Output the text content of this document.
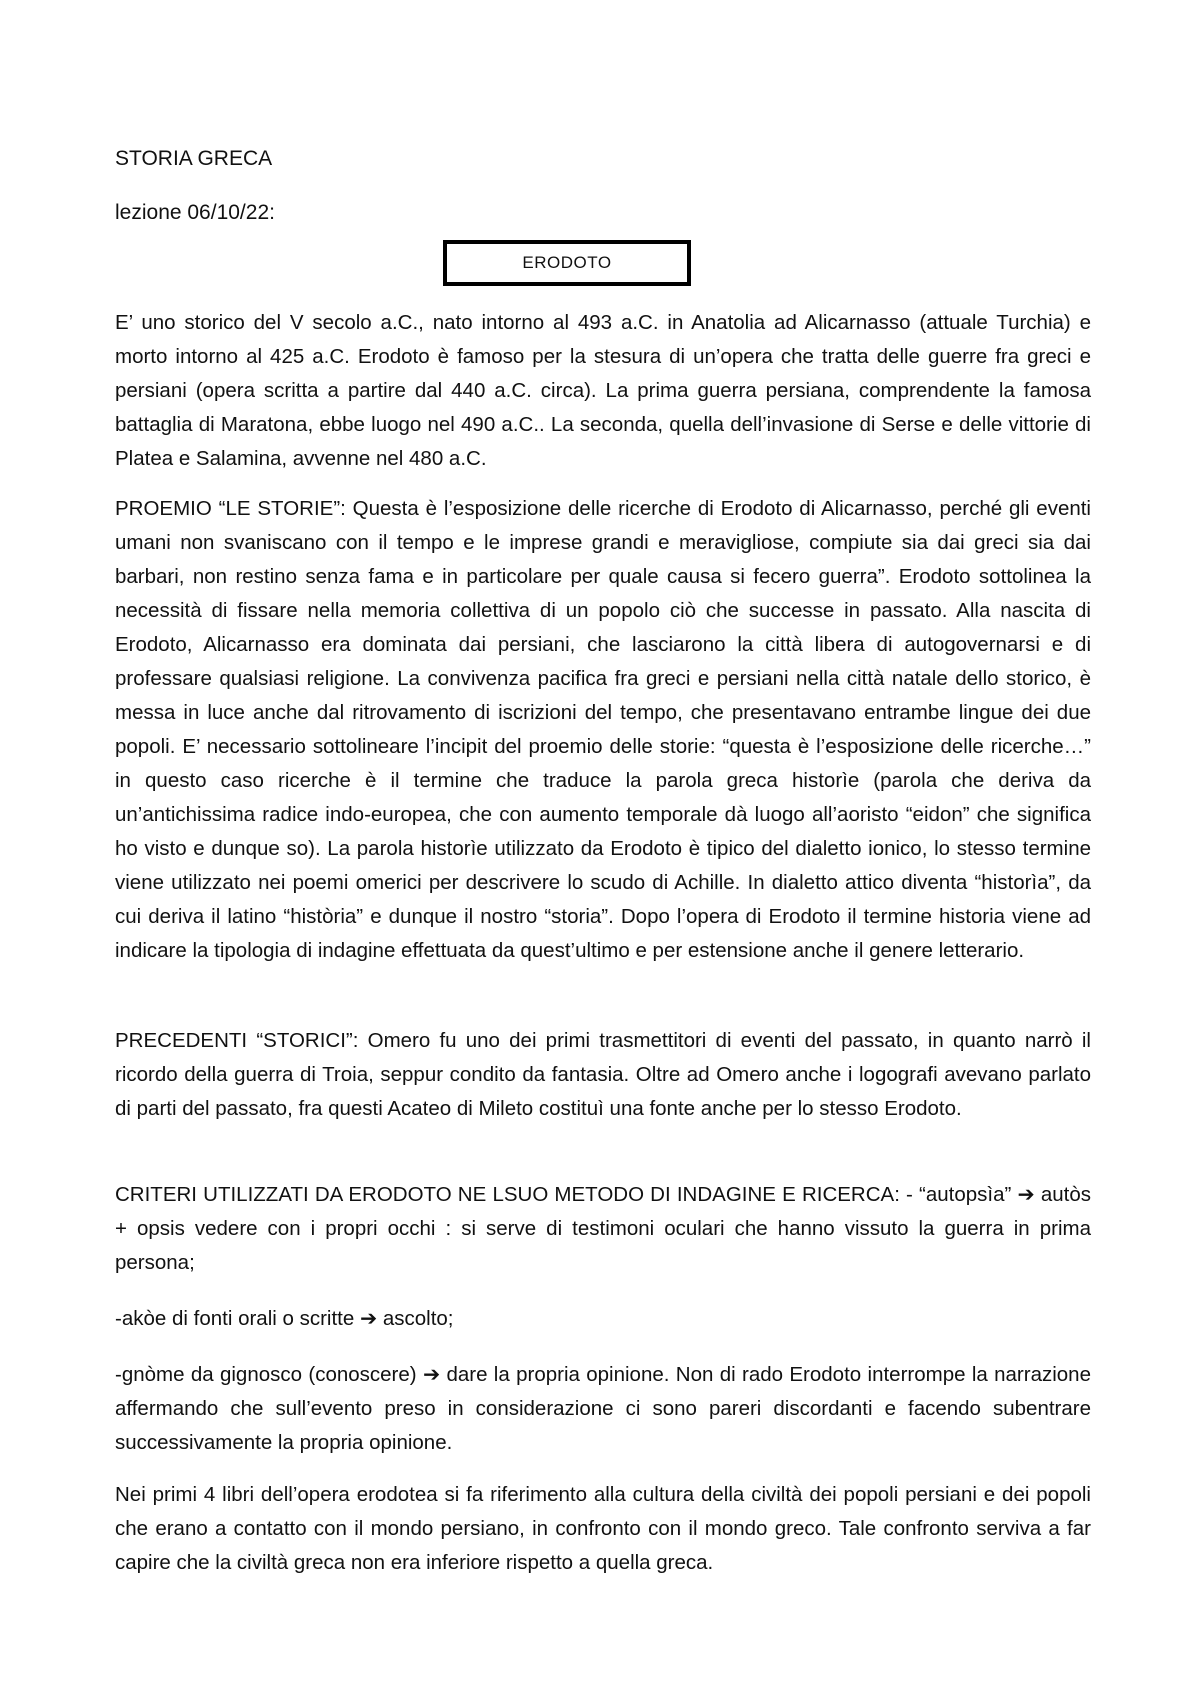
STORIA GRECA
lezione 06/10/22:
ERODOTO

E’ uno storico del V secolo a.C., nato intorno al 493 a.C. in Anatolia ad Alicarnasso (attuale Turchia) e morto intorno al 425 a.C. Erodoto è famoso per la stesura di un’opera che tratta delle guerre fra greci e persiani (opera scritta a partire dal 440 a.C. circa). La prima guerra persiana, comprendente la famosa battaglia di Maratona, ebbe luogo nel 490 a.C.. La seconda, quella dell’invasione di Serse e delle vittorie di Platea e Salamina, avvenne nel 480 a.C.

PROEMIO “LE STORIE”: Questa è l’esposizione delle ricerche di Erodoto di Alicarnasso, perché gli eventi umani non svaniscano con il tempo e le imprese grandi e meravigliose, compiute sia dai greci sia dai barbari, non restino senza fama e in particolare per quale causa si fecero guerra”. Erodoto sottolinea la necessità di fissare nella memoria collettiva di un popolo ciò che successe in passato. Alla nascita di Erodoto, Alicarnasso era dominata dai persiani, che lasciarono la città libera di autogovernarsi e di professare qualsiasi religione. La convivenza pacifica fra greci e persiani nella città natale dello storico, è messa in luce anche dal ritrovamento di iscrizioni del tempo, che presentavano entrambe lingue dei due popoli. E’ necessario sottolineare l’incipit del proemio delle storie: “questa è l’esposizione delle ricerche…” in questo caso ricerche è il termine che traduce la parola greca historìe (parola che deriva da un’antichissima radice indo-europea, che con aumento temporale dà luogo all’aoristo “eidon” che significa ho visto e dunque so). La parola historìe utilizzato da Erodoto è tipico del dialetto ionico, lo stesso termine viene utilizzato nei poemi omerici per descrivere lo scudo di Achille. In dialetto attico diventa “historìa”, da cui deriva il latino “història” e dunque il nostro “storia”. Dopo l’opera di Erodoto il termine historia viene ad indicare la tipologia di indagine effettuata da quest’ultimo e per estensione anche il genere letterario.

PRECEDENTI “STORICI”: Omero fu uno dei primi trasmettitori di eventi del passato, in quanto narrò il ricordo della guerra di Troia, seppur condito da fantasia. Oltre ad Omero anche i logografi avevano parlato di parti del passato, fra questi Acateo di Mileto costituì una fonte anche per lo stesso Erodoto.

CRITERI UTILIZZATI DA ERODOTO NE LSUO METODO DI INDAGINE E RICERCA: - “autopsìa” ➔ autòs + opsis vedere con i propri occhi : si serve di testimoni oculari che hanno vissuto la guerra in prima persona;

-akòe di fonti orali o scritte ➔ ascolto;

-gnòme da gignosco (conoscere) ➔ dare la propria opinione. Non di rado Erodoto interrompe la narrazione affermando che sull’evento preso in considerazione ci sono pareri discordanti e facendo subentrare successivamente la propria opinione.

Nei primi 4 libri dell’opera erodotea si fa riferimento alla cultura della civiltà dei popoli persiani e dei popoli che erano a contatto con il mondo persiano, in confronto con il mondo greco. Tale confronto serviva a far capire che la civiltà greca non era inferiore rispetto a quella greca.
